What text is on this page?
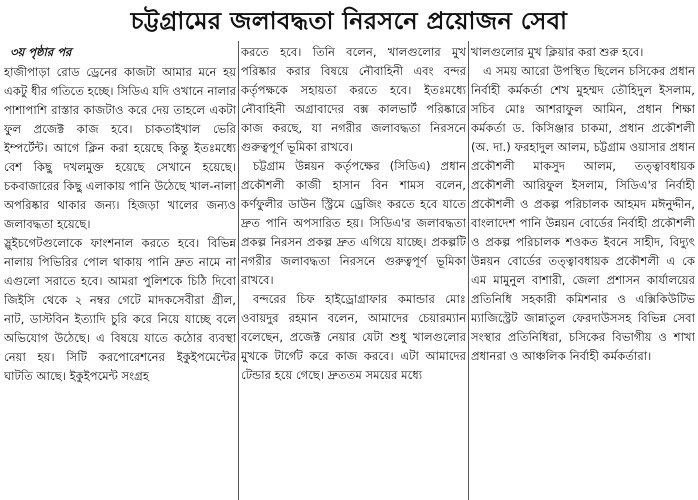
চট্টগ্রামের জলাবদ্ধতা নিরসনে প্রয়োজন সেবা
৩য় পৃষ্ঠার পর
হাজীপাড়া রোড ড্রেনের কাজটা আমার মনে হয় একটু ধীর গতিতে হচ্ছে। সিডিএ যদি ওখানে নালার পাশাপাশি রাস্তার কাজটাও করে দেয় তাহলে একটা ফুল প্রজেক্ট কাজ হবে। চাকতাইখাল ভেরি ইম্পর্টেন্ট। আগে ক্লিন করা হয়েছে কিন্তু ইতঃমধ্যে বেশ কিছু দখলমুক্ত হয়েছে সেখানে হয়েছে। চকবাজারের কিছু এলাকায় পানি উঠেছে খাল-নালা অপরিষ্কার থাকার জন্য। হিজড়া খালের জন্যও জলাবদ্ধতা হয়েছে।
স্লুইচগেটগুলোকে ফাংশনাল করতে হবে। বিভিন্ন নালায় পিভিরির পোল থাকায় পানি দ্রুত নামে না এগুলো সরাতে হবে। আমরা পুলিশকে চিঠি দিবো জিইসি থেকে ২ নম্বর গেটে মাদকসেবীরা গ্রীল, নাট, ডাস্টবিন ইত্যাদি চুরি করে নিয়ে যাচ্ছে বলে অভিযোগ উঠেছে। এ বিষয়ে যাতে কঠোর ব্যবস্থা নেয়া হয়। সিটি করপোরেশনের ইকুইপমেন্টের ঘাটতি আছে। ইকুইপমেন্ট সংগ্রহ
করতে হবে। তিনি বলেন, খালগুলোর মুখ পরিষ্কার করার বিষয়ে নৌবাহিনী এবং বন্দর কর্তৃপক্ষকে সহায়তা করতে হবে। ইতঃমধ্যে নৌবাহিনী অগ্রাবাদের বক্স কালভার্ট পরিষ্কারে কাজ করছে, যা নগরীর জলাবদ্ধতা নিরসনে গুরুত্বপূর্ণ ভূমিকা রাখবে।
চট্টগ্রাম উন্নয়ন কর্তৃপক্ষের (সিডিএ) প্রধান প্রকৌশলী কাজী হাসান বিন শামস বলেন, কর্ণফুলীর ডাউন স্ট্রিমে ড্রেজিং করতে হবে যাতে দ্রুত পানি অপসারিত হয়। সিডিএ'র জলাবদ্ধতা প্রকল্প নিরসন প্রকল্প দ্রুত এগিয়ে যাচ্ছে। প্রকল্পটি নগরীর জলাবদ্ধতা নিরসনে গুরুত্বপূর্ণ ভূমিকা রাখবে।
বন্দরের চিফ হাইড্রোগ্রাফার কমান্ডার মোঃ ওবায়দুর রহমান বলেন, আমাদের চেয়ারম্যান বলেছেন, প্রজেক্ট নেয়ার যেটা শুধু খালগুলোর মুখকে টার্গেট করে কাজ করবে। এটা আমাদের টেন্ডার হয়ে গেছে। দ্রুততম সময়ের মধ্যে
খালগুলোর মুখ ক্লিয়ার করা শুরু হবে।
এ সময় আরো উপস্থিত ছিলেন চসিকের প্রধান নির্বাহী কর্মকর্তা শেখ মুহম্মদ তৌহিদুল ইসলাম, সচিব মোঃ আশরাফুল আমিন, প্রধান শিক্ষা কর্মকর্তা ড. কিসিঞ্জার চাকমা, প্রধান প্রকৌশলী (অ. দা.) ফরহাদুল আলম, চট্টগ্রাম ওয়াসার প্রধান প্রকৌশলী মাকসুদ আলম, তত্ত্বাবধায়ক প্রকৌশলী আরিফুল ইসলাম, সিডিএ'র নির্বাহী প্রকৌশলী ও প্রকল্প পরিচালক আহমদ মঈনুদ্দীন, বাংলাদেশ পানি উন্নয়ন বোর্ডের নির্বাহী প্রকৌশলী ও প্রকল্প পরিচালক শওকত ইবনে সাহীদ, বিদ্যুৎ উন্নয়ন বোর্ডের তত্ত্বাবধায়ক প্রকৌশলী এ কে এম মামুনুল বাশারী, জেলা প্রশাসন কার্যালয়ের প্রতিনিধি সহকারী কমিশনার ও এক্সিকিউটিভ ম্যাজিস্ট্রেট জান্নাতুল ফেরদাউসসহ বিভিন্ন সেবা সংস্থার প্রতিনিধিরা, চসিকের বিভাগীয় ও শাখা প্রধানরা ও আঞ্চলিক নির্বাহী কর্মকর্তারা।
